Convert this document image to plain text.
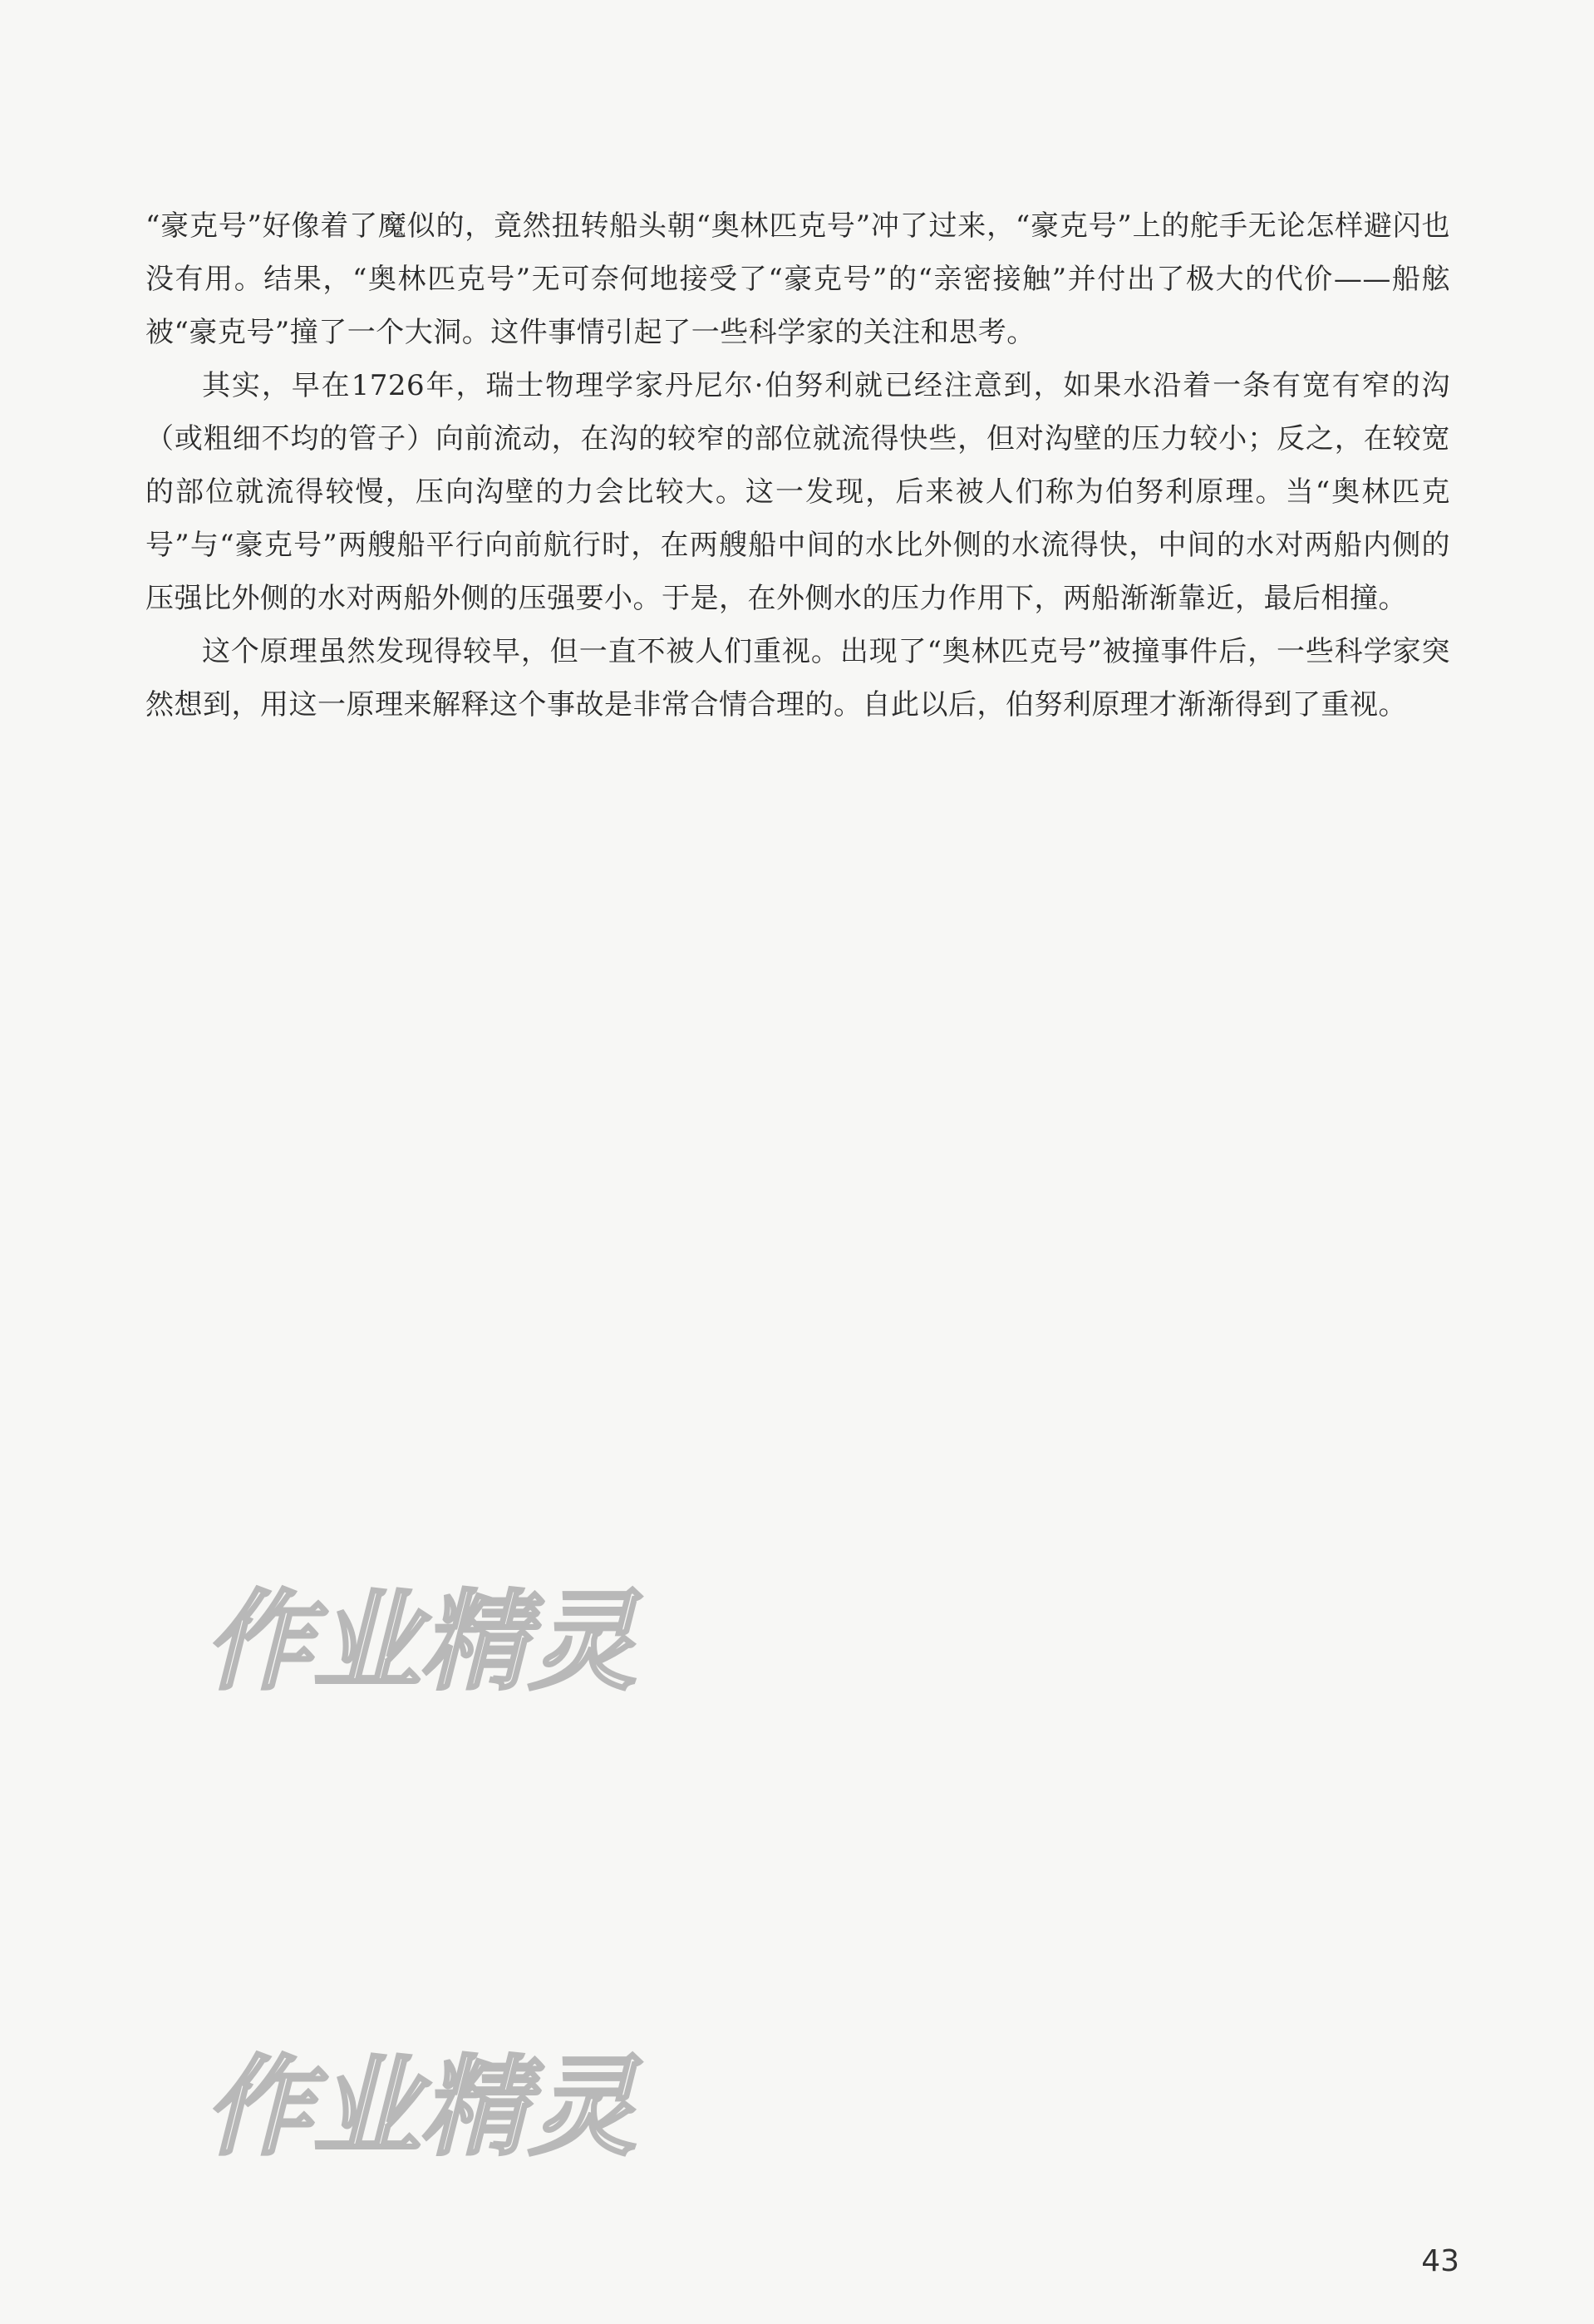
“豪克号”好像着了魔似的，竟然扭转船头朝“奥林匹克号”冲了过来，“豪克号”上的舵手无论怎样避闪也没有用。结果，“奥林匹克号”无可奈何地接受了“豪克号”的“亲密接触”并付出了极大的代价——船舷被“豪克号”撞了一个大洞。这件事情引起了一些科学家的关注和思考。

其实，早在1726年，瑞士物理学家丹尼尔·伯努利就已经注意到，如果水沿着一条有宽有窄的沟（或粗细不均的管子）向前流动，在沟的较窄的部位就流得快些，但对沟壁的压力较小；反之，在较宽的部位就流得较慢，压向沟壁的力会比较大。这一发现，后来被人们称为伯努利原理。当“奥林匹克号”与“豪克号”两艘船平行向前航行时，在两艘船中间的水比外侧的水流得快，中间的水对两船内侧的压强比外侧的水对两船外侧的压强要小。于是，在外侧水的压力作用下，两船渐渐靠近，最后相撞。

这个原理虽然发现得较早，但一直不被人们重视。出现了“奥林匹克号”被撞事件后，一些科学家突然想到，用这一原理来解释这个事故是非常合情合理的。自此以后，伯努利原理才渐渐得到了重视。

作业精灵
作业精灵
43
